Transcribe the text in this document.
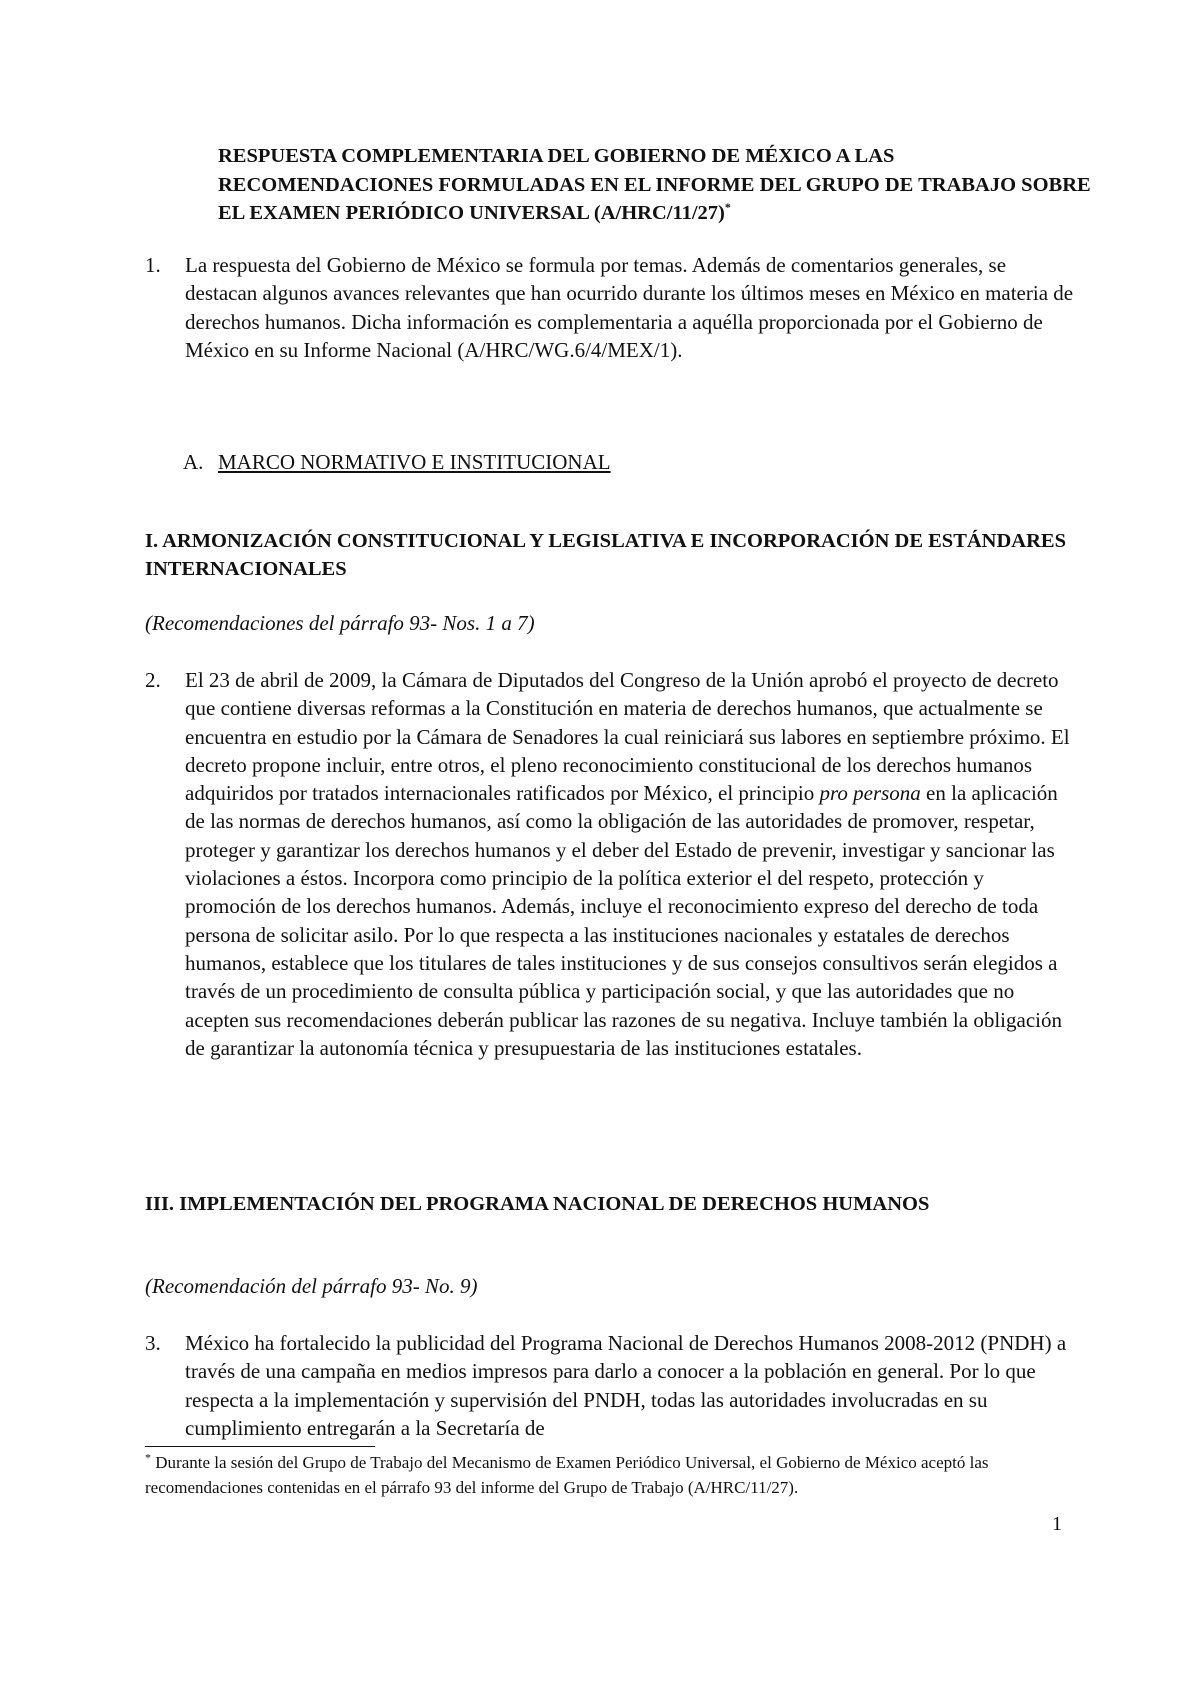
RESPUESTA COMPLEMENTARIA DEL GOBIERNO DE MÉXICO A LAS RECOMENDACIONES FORMULADAS EN EL INFORME DEL GRUPO DE TRABAJO SOBRE EL EXAMEN PERIÓDICO UNIVERSAL (A/HRC/11/27)*
1. La respuesta del Gobierno de México se formula por temas. Además de comentarios generales, se destacan algunos avances relevantes que han ocurrido durante los últimos meses en México en materia de derechos humanos. Dicha información es complementaria a aquélla proporcionada por el Gobierno de México en su Informe Nacional (A/HRC/WG.6/4/MEX/1).
A. MARCO NORMATIVO E INSTITUCIONAL
I. ARMONIZACIÓN CONSTITUCIONAL Y LEGISLATIVA E INCORPORACIÓN DE ESTÁNDARES INTERNACIONALES
(Recomendaciones del párrafo 93- Nos. 1 a 7)
2. El 23 de abril de 2009, la Cámara de Diputados del Congreso de la Unión aprobó el proyecto de decreto que contiene diversas reformas a la Constitución en materia de derechos humanos, que actualmente se encuentra en estudio por la Cámara de Senadores la cual reiniciará sus labores en septiembre próximo. El decreto propone incluir, entre otros, el pleno reconocimiento constitucional de los derechos humanos adquiridos por tratados internacionales ratificados por México, el principio pro persona en la aplicación de las normas de derechos humanos, así como la obligación de las autoridades de promover, respetar, proteger y garantizar los derechos humanos y el deber del Estado de prevenir, investigar y sancionar las violaciones a éstos. Incorpora como principio de la política exterior el del respeto, protección y promoción de los derechos humanos. Además, incluye el reconocimiento expreso del derecho de toda persona de solicitar asilo. Por lo que respecta a las instituciones nacionales y estatales de derechos humanos, establece que los titulares de tales instituciones y de sus consejos consultivos serán elegidos a través de un procedimiento de consulta pública y participación social, y que las autoridades que no acepten sus recomendaciones deberán publicar las razones de su negativa. Incluye también la obligación de garantizar la autonomía técnica y presupuestaria de las instituciones estatales.
III. IMPLEMENTACIÓN DEL PROGRAMA NACIONAL DE DERECHOS HUMANOS
(Recomendación del párrafo 93- No. 9)
3. México ha fortalecido la publicidad del Programa Nacional de Derechos Humanos 2008-2012 (PNDH) a través de una campaña en medios impresos para darlo a conocer a la población en general. Por lo que respecta a la implementación y supervisión del PNDH, todas las autoridades involucradas en su cumplimiento entregarán a la Secretaría de
* Durante la sesión del Grupo de Trabajo del Mecanismo de Examen Periódico Universal, el Gobierno de México aceptó las recomendaciones contenidas en el párrafo 93 del informe del Grupo de Trabajo (A/HRC/11/27).
1
